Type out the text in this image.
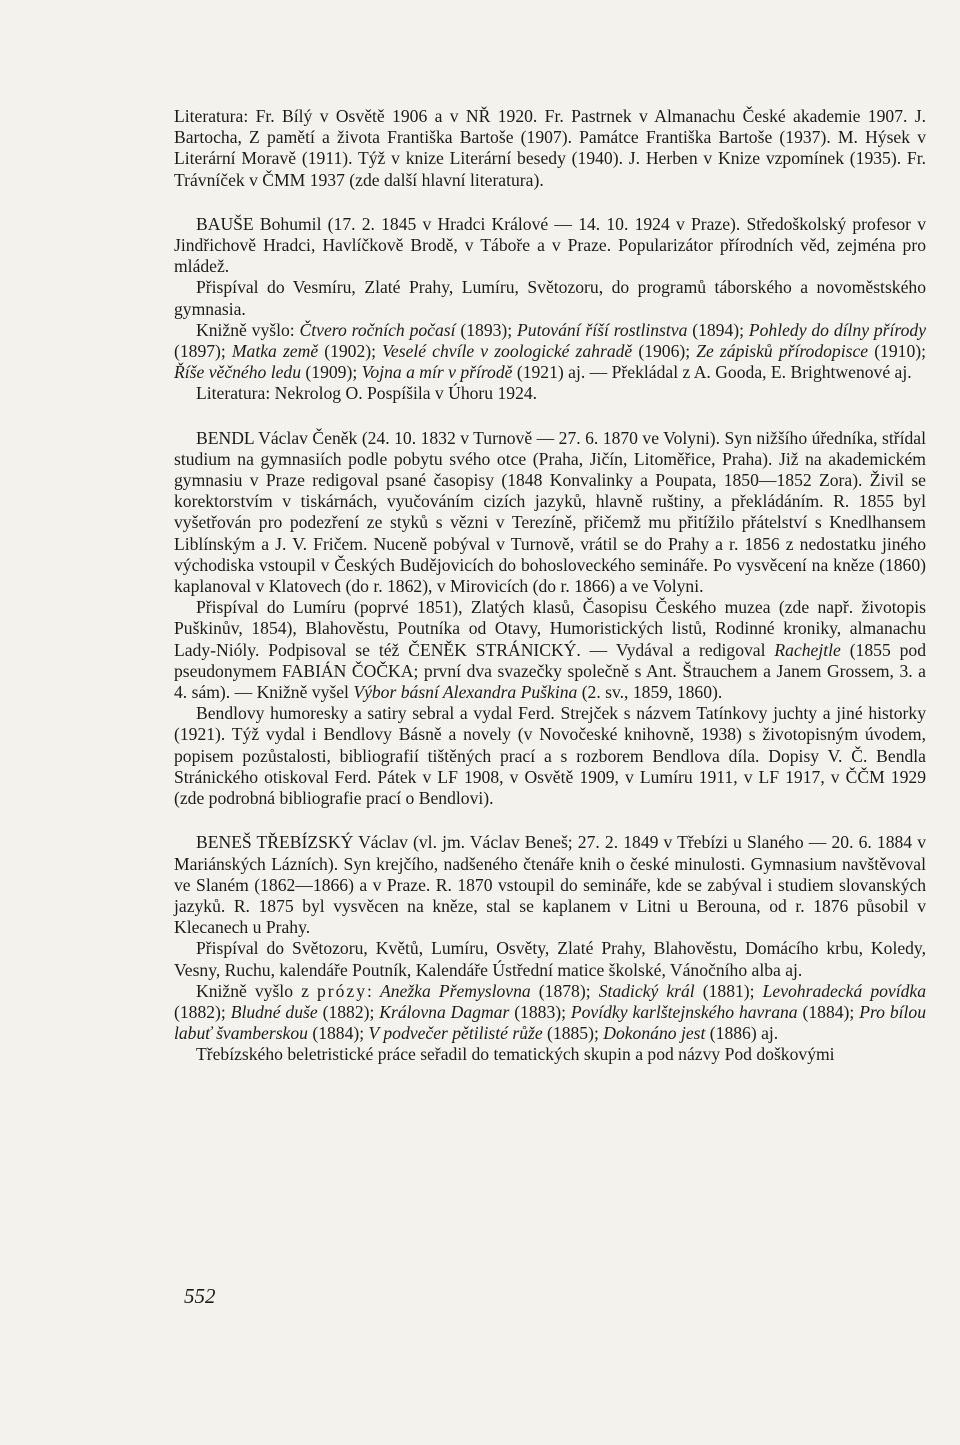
Literatura: Fr. Bílý v Osvětě 1906 a v NŘ 1920. Fr. Pastrnek v Almanachu České akademie 1907. J. Bartocha, Z pamětí a života Františka Bartoše (1907). Památce Františka Bartoše (1937). M. Hýsek v Literární Moravě (1911). Týž v knize Literární besedy (1940). J. Herben v Knize vzpomínek (1935). Fr. Trávníček v ČMM 1937 (zde další hlavní literatura).

BAUŠE Bohumil (17. 2. 1845 v Hradci Králové — 14. 10. 1924 v Praze). Středoškolský profesor v Jindřichově Hradci, Havlíčkově Brodě, v Táboře a v Praze. Popularizátor přírodních věd, zejména pro mládež.

Přispíval do Vesmíru, Zlaté Prahy, Lumíru, Světozoru, do programů táborského a novoměstského gymnasia.

Knižně vyšlo: Čtvero ročních počasí (1893); Putování říší rostlinstva (1894); Pohledy do dílny přírody (1897); Matka země (1902); Veselé chvíle v zoologické zahradě (1906); Ze zápisků přírodopisce (1910); Říše věčného ledu (1909); Vojna a mír v přírodě (1921) aj. — Překládal z A. Gooda, E. Brightwenové aj.

Literatura: Nekrolog O. Pospíšila v Úhoru 1924.

BENDL Václav Čeněk (24. 10. 1832 v Turnově — 27. 6. 1870 ve Volyni). Syn nižšího úředníka, střídal studium na gymnasiích podle pobytu svého otce (Praha, Jičín, Litoměřice, Praha). Již na akademickém gymnasiu v Praze redigoval psané časopisy (1848 Konvalinky a Poupata, 1850—1852 Zora). Živil se korektorstvím v tiskárnách, vyučováním cizích jazyků, hlavně ruštiny, a překládáním. R. 1855 byl vyšetřován pro podezření ze styků s vězni v Terezíně, přičemž mu přitížilo přátelství s Knedlhansem Liblínským a J. V. Fričem. Nuceně pobýval v Turnově, vrátil se do Prahy a r. 1856 z nedostatku jiného východiska vstoupil v Českých Budějovicích do bohosloveckého semináře. Po vysvěcení na kněze (1860) kaplanoval v Klatovech (do r. 1862), v Mirovicích (do r. 1866) a ve Volyni.

Přispíval do Lumíru (poprvé 1851), Zlatých klasů, Časopisu Českého muzea (zde např. životopis Puškinův, 1854), Blahověstu, Poutníka od Otavy, Humoristických listů, Rodinné kroniky, almanachu Lady-Nióly. Podpisoval se též ČENĚK STRÁNICKÝ. — Vydával a redigoval Rachejtle (1855 pod pseudonymem FABIÁN ČOČKA; první dva svazečky společně s Ant. Štrauchem a Janem Grossem, 3. a 4. sám). — Knižně vyšel Výbor básní Alexandra Puškina (2. sv., 1859, 1860).

Bendlovy humoresky a satiry sebral a vydal Ferd. Strejček s názvem Tatínkovy juchty a jiné historky (1921). Týž vydal i Bendlovy Básně a novely (v Novočeské knihovně, 1938) s životopisným úvodem, popisem pozůstalosti, bibliografií tištěných prací a s rozborem Bendlova díla. Dopisy V. Č. Bendla Stránického otiskoval Ferd. Pátek v LF 1908, v Osvětě 1909, v Lumíru 1911, v LF 1917, v ČČM 1929 (zde podrobná bibliografie prací o Bendlovi).

BENEŠ TŘEBÍZSKÝ Václav (vl. jm. Václav Beneš; 27. 2. 1849 v Třebízi u Slaného — 20. 6. 1884 v Mariánských Lázních). Syn krejčího, nadšeného čtenáře knih o české minulosti. Gymnasium navštěvoval ve Slaném (1862—1866) a v Praze. R. 1870 vstoupil do semináře, kde se zabýval i studiem slovanských jazyků. R. 1875 byl vysvěcen na kněze, stal se kaplanem v Litni u Berouna, od r. 1876 působil v Klecanech u Prahy.

Přispíval do Světozoru, Květů, Lumíru, Osvěty, Zlaté Prahy, Blahověstu, Domácího krbu, Koledy, Vesny, Ruchu, kalendáře Poutník, Kalendáře Ústřední matice školské, Vánočního alba aj.

Knižně vyšlo z prózy: Anežka Přemyslovna (1878); Stadický král (1881); Levohradecká povídka (1882); Bludné duše (1882); Královna Dagmar (1883); Povídky karlštejnského havrana (1884); Pro bílou labuť švamberskou (1884); V podvečer pětilisté růže (1885); Dokonáno jest (1886) aj.

Třebízského beletristické práce seřadil do tematických skupin a pod názvy Pod doškovými

552
